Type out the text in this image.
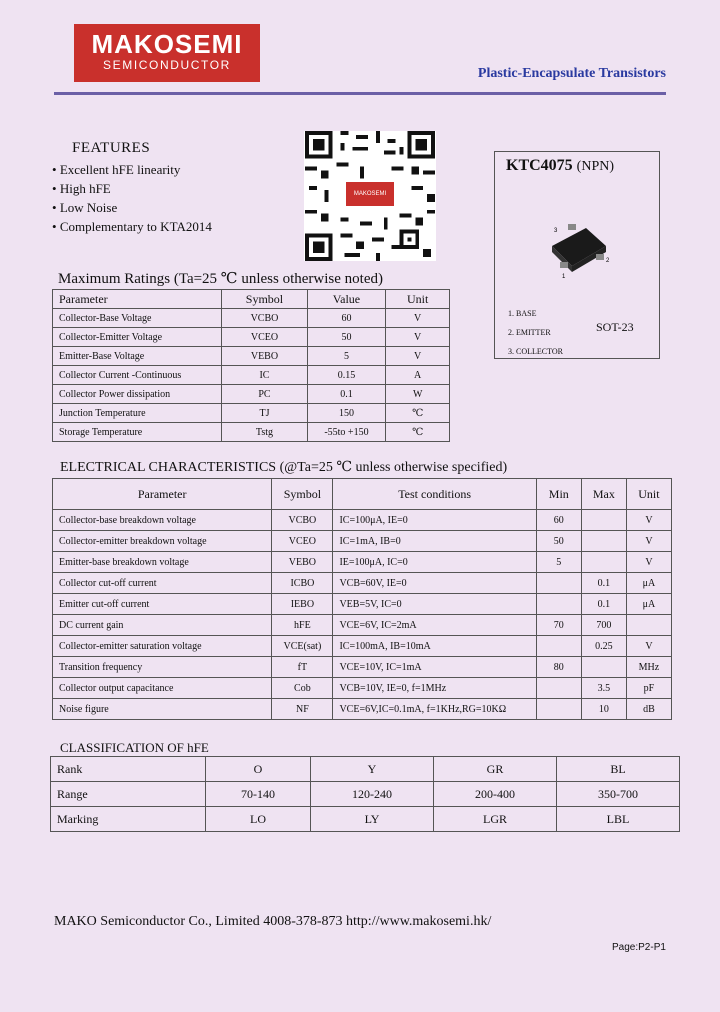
MAKOSEMI
SEMICONDUCTOR
Plastic-Encapsulate Transistors
FEATURES
• Excellent hFE linearity
• High hFE
• Low Noise
• Complementary to KTA2014
MAKOSEMI
KTC4075 (NPN)
3
2
1
1. BASE
2. EMITTER
3. COLLECTOR
SOT-23
Maximum Ratings (Ta=25 ℃ unless otherwise noted)
Parameter	Symbol	Value	Unit
Collector-Base Voltage	VCBO	60	V
Collector-Emitter Voltage	VCEO	50	V
Emitter-Base Voltage	VEBO	5	V
Collector Current -Continuous	IC	0.15	A
Collector Power dissipation	PC	0.1	W
Junction Temperature	TJ	150	℃
Storage Temperature	Tstg	-55to +150	℃
ELECTRICAL CHARACTERISTICS (@Ta=25 ℃ unless otherwise specified)
Parameter	Symbol	Test conditions	Min	Max	Unit
Collector-base breakdown voltage	VCBO	IC=100μA, IE=0	60		V
Collector-emitter breakdown voltage	VCEO	IC=1mA, IB=0	50		V
Emitter-base breakdown voltage	VEBO	IE=100μA, IC=0	5		V
Collector cut-off current	ICBO	VCB=60V, IE=0		0.1	μA
Emitter cut-off current	IEBO	VEB=5V, IC=0		0.1	μA
DC current gain	hFE	VCE=6V, IC=2mA	70	700	
Collector-emitter saturation voltage	VCE(sat)	IC=100mA, IB=10mA		0.25	V
Transition frequency	fT	VCE=10V, IC=1mA	80		MHz
Collector output capacitance	Cob	VCB=10V, IE=0, f=1MHz		3.5	pF
Noise figure	NF	VCE=6V,IC=0.1mA, f=1KHz,RG=10KΩ		10	dB
CLASSIFICATION OF hFE
Rank	O	Y	GR	BL
Range	70-140	120-240	200-400	350-700
Marking	LO	LY	LGR	LBL
MAKO Semiconductor Co., Limited 4008-378-873 http://www.makosemi.hk/
Page:P2-P1
